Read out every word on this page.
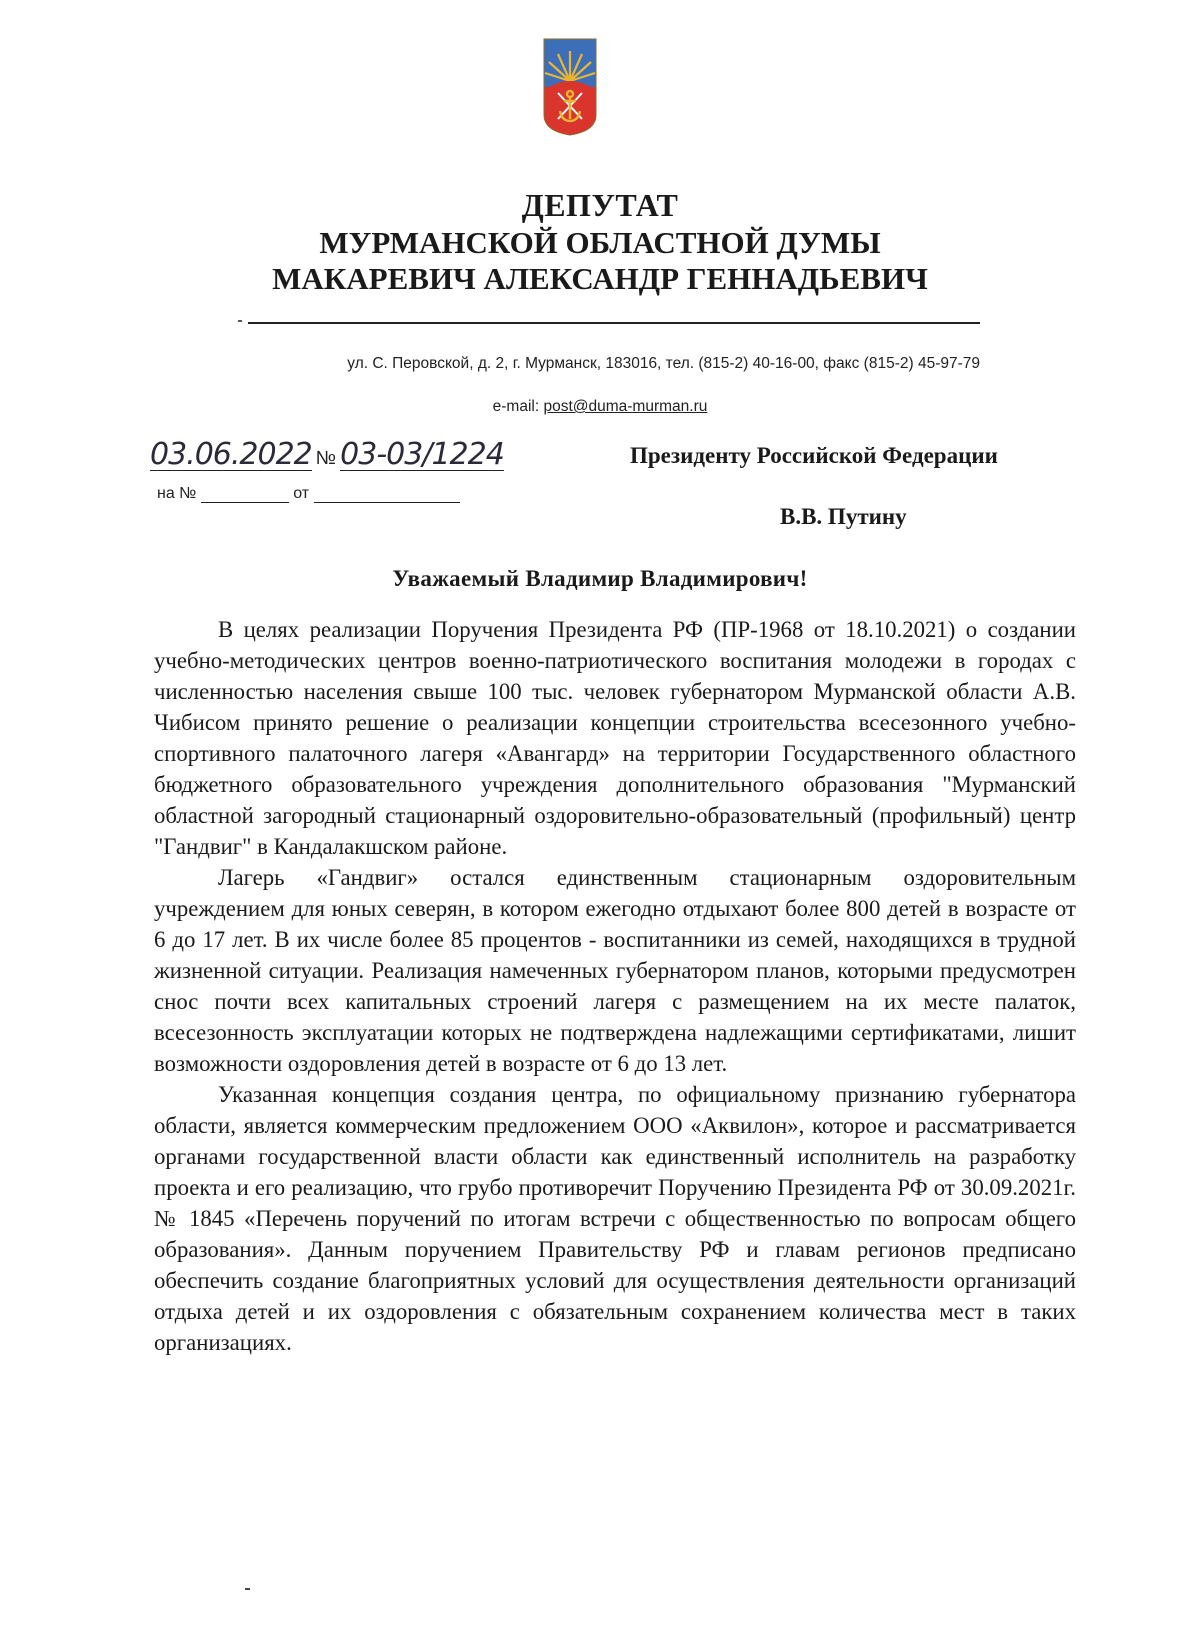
ДЕПУТАТ
МУРМАНСКОЙ ОБЛАСТНОЙ ДУМЫ
МАКАРЕВИЧ АЛЕКСАНДР ГЕННАДЬЕВИЧ
ул. С. Перовской, д. 2, г. Мурманск, 183016, тел. (815-2) 40-16-00, факс (815-2) 45-97-79
e-mail: post@duma-murman.ru
03.06.2022 № 03-03/1224
на №	от
Президенту Российской Федерации
В.В. Путину
Уважаемый Владимир Владимирович!

В целях реализации Поручения Президента РФ (ПР-1968 от 18.10.2021) о создании учебно-методических центров военно-патриотического воспитания молодежи в городах с численностью населения свыше 100 тыс. человек губернатором Мурманской области А.В. Чибисом принято решение о реализации концепции строительства всесезонного учебно-спортивного палаточного лагеря «Авангард» на территории Государственного областного бюджетного образовательного учреждения дополнительного образования "Мурманский областной загородный стационарный оздоровительно-образовательный (профильный) центр "Гандвиг" в Кандалакшском районе.

Лагерь «Гандвиг» остался единственным стационарным оздоровительным учреждением для юных северян, в котором ежегодно отдыхают более 800 детей в возрасте от 6 до 17 лет. В их числе более 85 процентов - воспитанники из семей, находящихся в трудной жизненной ситуации. Реализация намеченных губернатором планов, которыми предусмотрен снос почти всех капитальных строений лагеря с размещением на их месте палаток, всесезонность эксплуатации которых не подтверждена надлежащими сертификатами, лишит возможности оздоровления детей в возрасте от 6 до 13 лет.

Указанная концепция создания центра, по официальному признанию губернатора области, является коммерческим предложением ООО «Аквилон», которое и рассматривается органами государственной власти области как единственный исполнитель на разработку проекта и его реализацию, что грубо противоречит Поручению Президента РФ от 30.09.2021г. № 1845 «Перечень поручений по итогам встречи с общественностью по вопросам общего образования». Данным поручением Правительству РФ и главам регионов предписано обеспечить создание благоприятных условий для осуществления деятельности организаций отдыха детей и их оздоровления с обязательным сохранением количества мест в таких организациях.
